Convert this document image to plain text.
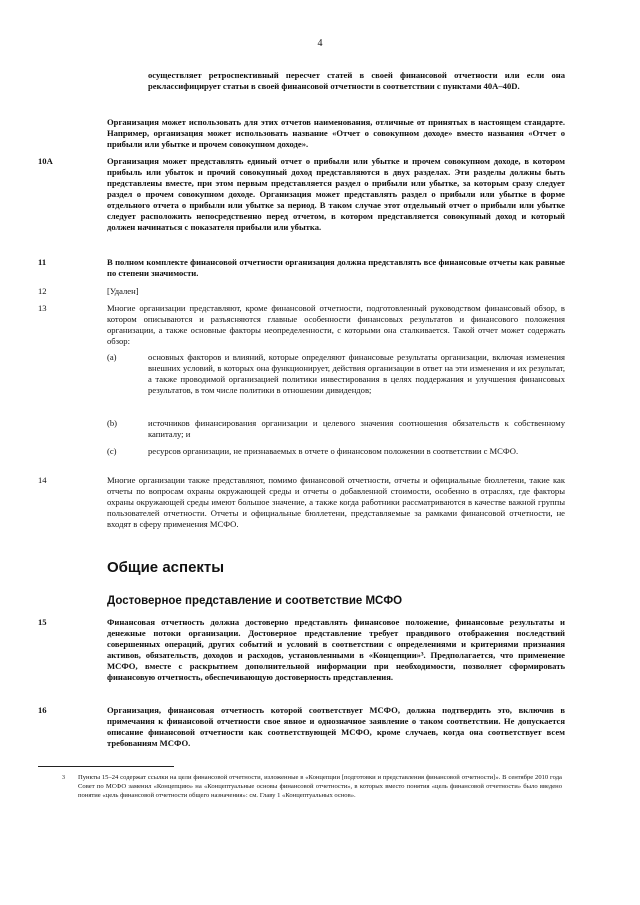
4
осуществляет ретроспективный пересчет статей в своей финансовой отчетности или если она реклассифицирует статьи в своей финансовой отчетности в соответствии с пунктами 40A–40D.
Организация может использовать для этих отчетов наименования, отличные от принятых в настоящем стандарте. Например, организация может использовать название «Отчет о совокупном доходе» вместо названия «Отчет о прибыли или убытке и прочем совокупном доходе».
10A	Организация может представлять единый отчет о прибыли или убытке и прочем совокупном доходе, в котором прибыль или убыток и прочий совокупный доход представляются в двух разделах. Эти разделы должны быть представлены вместе, при этом первым представляется раздел о прибыли или убытке, за которым сразу следует раздел о прочем совокупном доходе. Организация может представлять раздел о прибыли или убытке в форме отдельного отчета о прибыли или убытке за период. В таком случае этот отдельный отчет о прибыли или убытке следует расположить непосредственно перед отчетом, в котором представляется совокупный доход и который должен начинаться с показателя прибыли или убытка.
11	В полном комплекте финансовой отчетности организация должна представлять все финансовые отчеты как равные по степени значимости.
12	[Удален]
13	Многие организации представляют, кроме финансовой отчетности, подготовленный руководством финансовый обзор, в котором описываются и разъясняются главные особенности финансовых результатов и финансового положения организации, а также основные факторы неопределенности, с которыми она сталкивается. Такой отчет может содержать обзор:
(a)	основных факторов и влияний, которые определяют финансовые результаты организации, включая изменения внешних условий, в которых она функционирует, действия организации в ответ на эти изменения и их результат, а также проводимой организацией политики инвестирования в целях поддержания и улучшения финансовых результатов, в том числе политики в отношении дивидендов;
(b)	источников финансирования организации и целевого значения соотношения обязательств к собственному капиталу; и
(c)	ресурсов организации, не признаваемых в отчете о финансовом положении в соответствии с МСФО.
14	Многие организации также представляют, помимо финансовой отчетности, отчеты и официальные бюллетени, такие как отчеты по вопросам охраны окружающей среды и отчеты о добавленной стоимости, особенно в отраслях, где факторы охраны окружающей среды имеют большое значение, а также когда работники рассматриваются в качестве важной группы пользователей отчетности. Отчеты и официальные бюллетени, представляемые за рамками финансовой отчетности, не входят в сферу применения МСФО.
Общие аспекты
Достоверное представление и соответствие МСФО
15	Финансовая отчетность должна достоверно представлять финансовое положение, финансовые результаты и денежные потоки организации. Достоверное представление требует правдивого отображения последствий совершенных операций, других событий и условий в соответствии с определениями и критериями признания активов, обязательств, доходов и расходов, установленными в «Концепции»³. Предполагается, что применение МСФО, вместе с раскрытием дополнительной информации при необходимости, позволяет сформировать финансовую отчетность, обеспечивающую достоверность представления.
16	Организация, финансовая отчетность которой соответствует МСФО, должна подтвердить это, включив в примечания к финансовой отчетности свое явное и однозначное заявление о таком соответствии. Не допускается описание финансовой отчетности как соответствующей МСФО, кроме случаев, когда она соответствует всем требованиям МСФО.
3 Пункты 15–24 содержат ссылки на цели финансовой отчетности, изложенные в «Концепции [подготовки и представления финансовой отчетности]». В сентябре 2010 года Совет по МСФО заменил «Концепцию» на «Концептуальные основы финансовой отчетности», в которых вместо понятия «цель финансовой отчетности» было введено понятие «цель финансовой отчетности общего назначения»: см. Главу 1 «Концептуальных основ».
